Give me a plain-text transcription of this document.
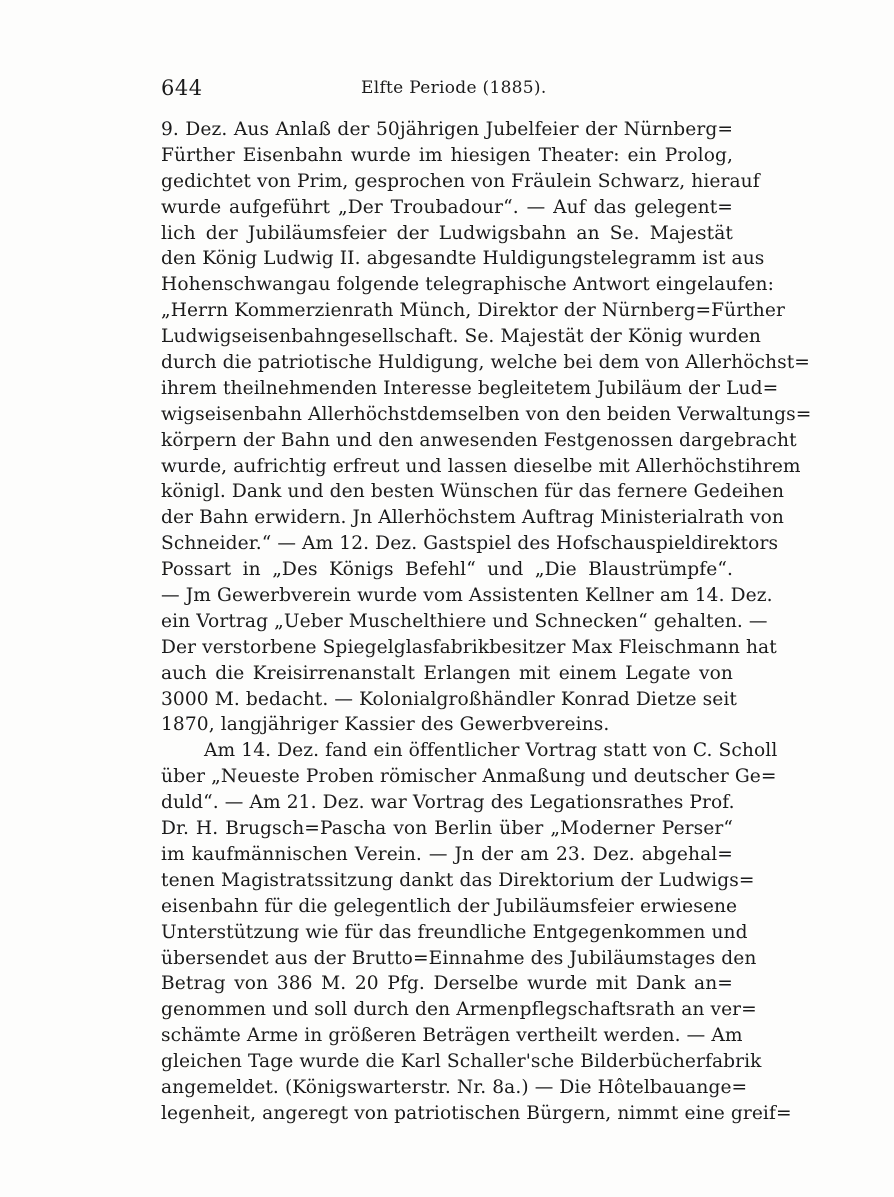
644	Elfte Periode (1885).
9. Dez. Aus Anlaß der 50jährigen Jubelfeier der Nürnberg=
Fürther Eisenbahn wurde im hiesigen Theater: ein Prolog,
gedichtet von Prim, gesprochen von Fräulein Schwarz, hierauf
wurde aufgeführt „Der Troubadour“. — Auf das gelegent=
lich der Jubiläumsfeier der Ludwigsbahn an Se. Majestät
den König Ludwig II. abgesandte Huldigungstelegramm ist aus
Hohenschwangau folgende telegraphische Antwort eingelaufen:
„Herrn Kommerzienrath Münch, Direktor der Nürnberg=Fürther
Ludwigseisenbahngesellschaft. Se. Majestät der König wurden
durch die patriotische Huldigung, welche bei dem von Allerhöchst=
ihrem theilnehmenden Interesse begleitetem Jubiläum der Lud=
wigseisenbahn Allerhöchstdemselben von den beiden Verwaltungs=
körpern der Bahn und den anwesenden Festgenossen dargebracht
wurde, aufrichtig erfreut und lassen dieselbe mit Allerhöchstihrem
königl. Dank und den besten Wünschen für das fernere Gedeihen
der Bahn erwidern. Jn Allerhöchstem Auftrag Ministerialrath von
Schneider.“ — Am 12. Dez. Gastspiel des Hofschauspieldirektors
Possart in „Des Königs Befehl“ und „Die Blaustrümpfe“.
— Jm Gewerbverein wurde vom Assistenten Kellner am 14. Dez.
ein Vortrag „Ueber Muschelthiere und Schnecken“ gehalten. —
Der verstorbene Spiegelglasfabrikbesitzer Max Fleischmann hat
auch die Kreisirrenanstalt Erlangen mit einem Legate von
3000 M. bedacht. — Kolonialgroßhändler Konrad Dietze seit
1870, langjähriger Kassier des Gewerbvereins.
Am 14. Dez. fand ein öffentlicher Vortrag statt von C. Scholl
über „Neueste Proben römischer Anmaßung und deutscher Ge=
duld“. — Am 21. Dez. war Vortrag des Legationsrathes Prof.
Dr. H. Brugsch=Pascha von Berlin über „Moderner Perser“
im kaufmännischen Verein. — Jn der am 23. Dez. abgehal=
tenen Magistratssitzung dankt das Direktorium der Ludwigs=
eisenbahn für die gelegentlich der Jubiläumsfeier erwiesene
Unterstützung wie für das freundliche Entgegenkommen und
übersendet aus der Brutto=Einnahme des Jubiläumstages den
Betrag von 386 M. 20 Pfg. Derselbe wurde mit Dank an=
genommen und soll durch den Armenpflegschaftsrath an ver=
schämte Arme in größeren Beträgen vertheilt werden. — Am
gleichen Tage wurde die Karl Schaller'sche Bilderbücherfabrik
angemeldet. (Königswarterstr. Nr. 8a.) — Die Hôtelbauange=
legenheit, angeregt von patriotischen Bürgern, nimmt eine greif=
